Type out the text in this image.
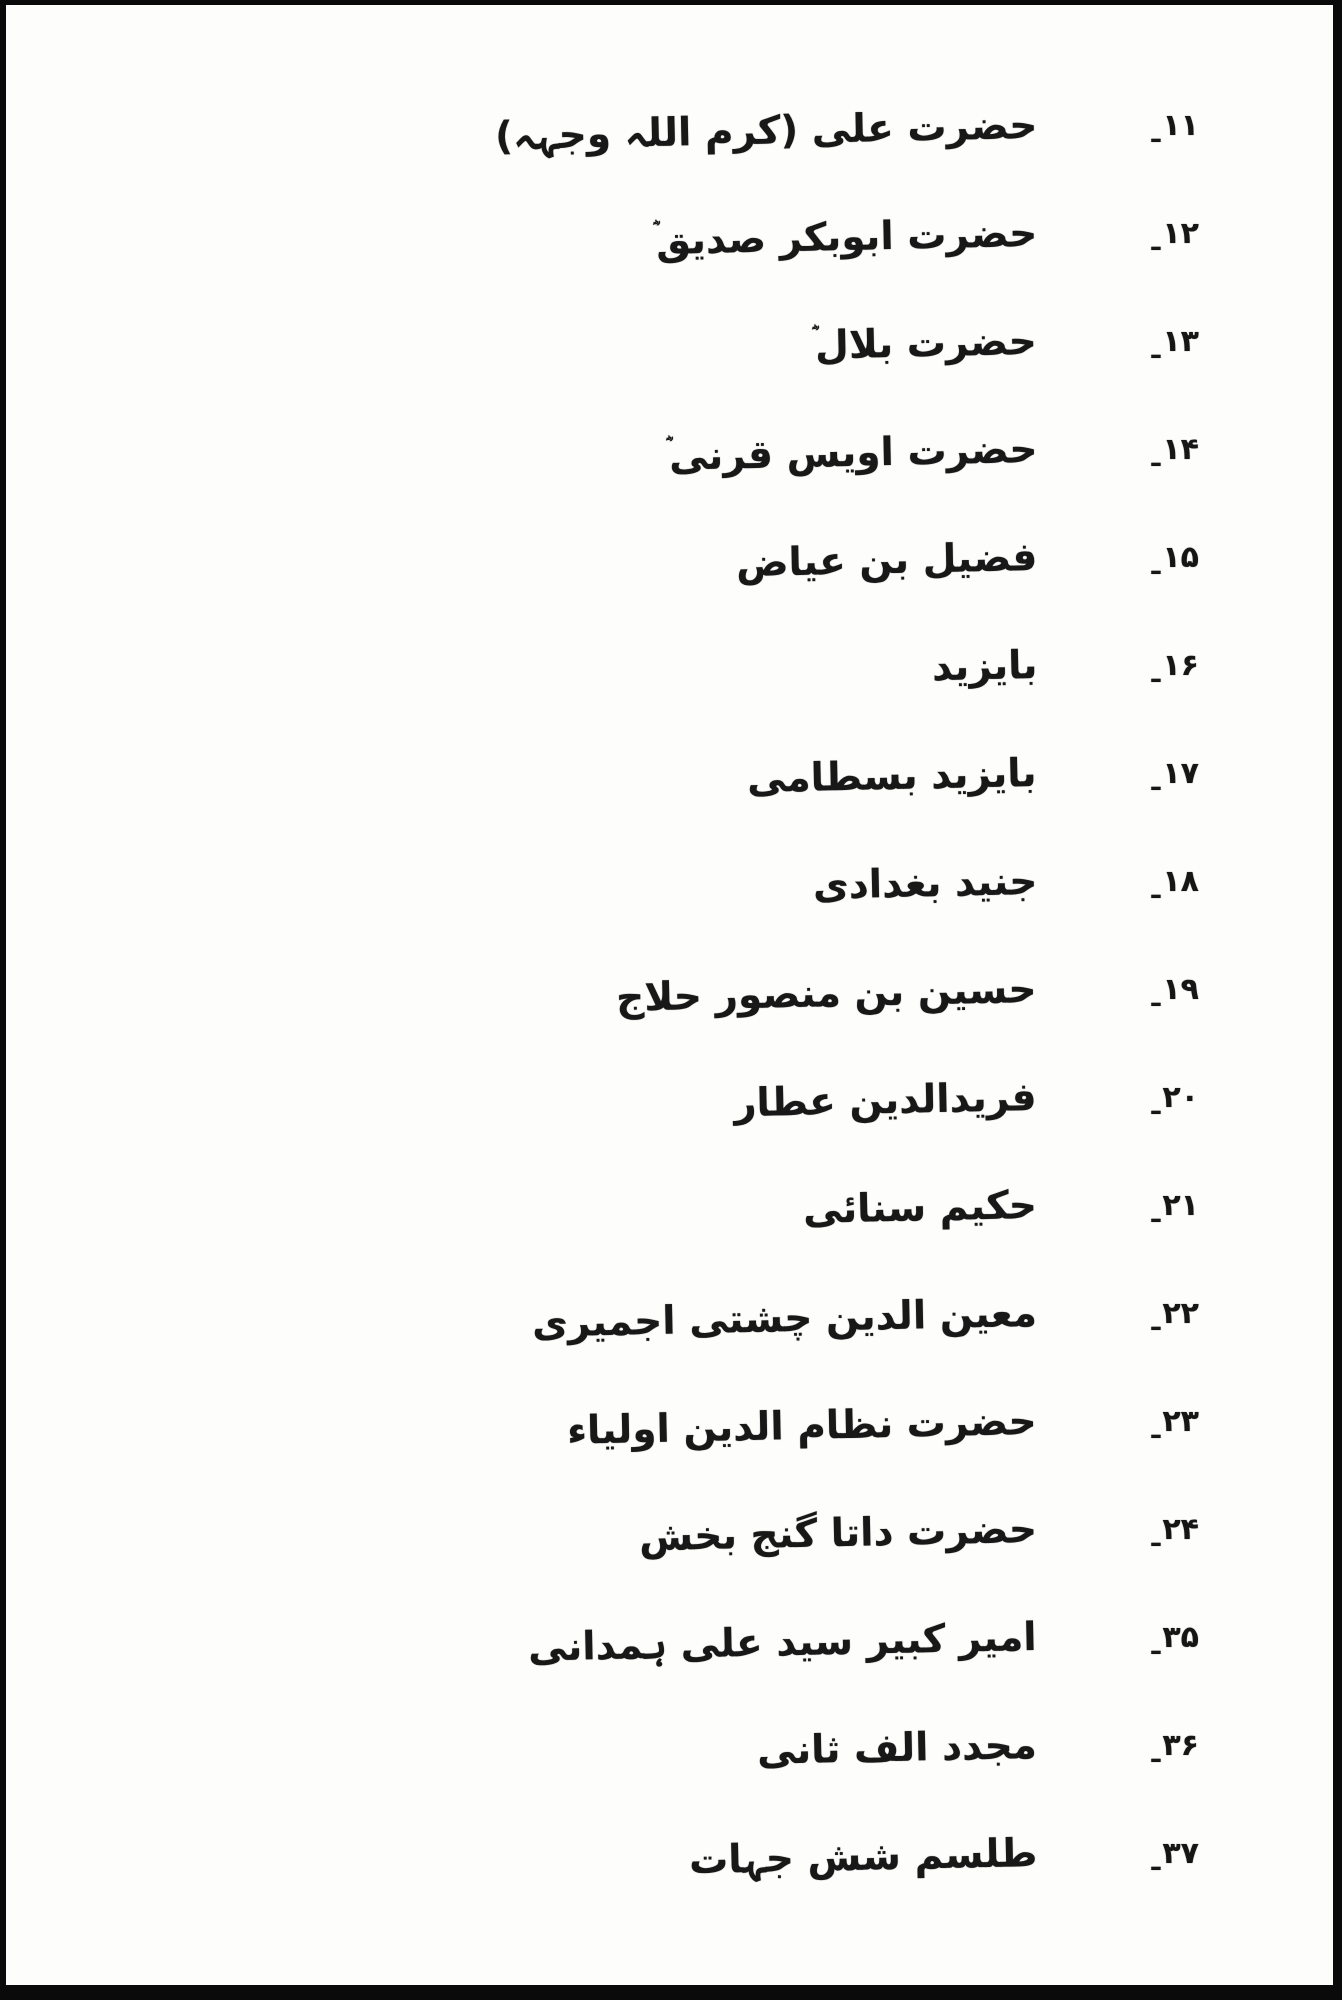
۱۱
ـ
حضرت علی (کرم اللہ وجہہ)
۱۲
ـ
حضرت ابوبکر صدیقؓ
۱۳
ـ
حضرت بلالؓ
۱۴
ـ
حضرت اویس قرنیؓ
۱۵
ـ
فضیل بن عیاض
۱۶
ـ
بایزید
۱۷
ـ
بایزید بسطامی
۱۸
ـ
جنید بغدادی
۱۹
ـ
حسین بن منصور حلاج
۲۰
ـ
فریدالدین عطار
۲۱
ـ
حکیم سنائی
۲۲
ـ
معین الدین چشتی اجمیری
۲۳
ـ
حضرت نظام الدین اولیاء
۲۴
ـ
حضرت داتا گنج بخش
۳۵
ـ
امیر کبیر سید علی ہمدانی
۳۶
ـ
مجدد الف ثانی
۳۷
ـ
طلسم شش جہات
